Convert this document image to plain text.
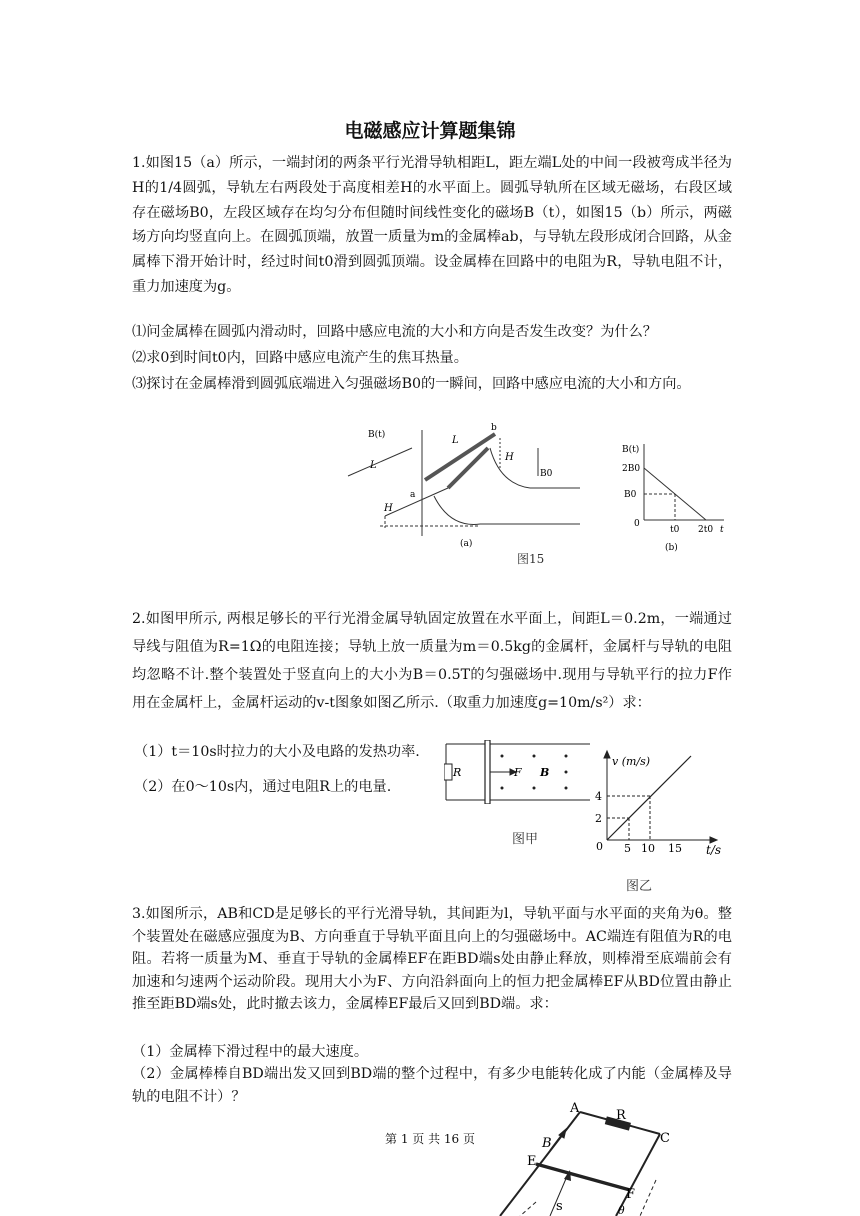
电磁感应计算题集锦
1.如图15（a）所示，一端封闭的两条平行光滑导轨相距L，距左端L处的中间一段被弯成半径为H的1/4圆弧，导轨左右两段处于高度相差H的水平面上。圆弧导轨所在区域无磁场，右段区域存在磁场B0，左段区域存在均匀分布但随时间线性变化的磁场B（t），如图15（b）所示，两磁场方向均竖直向上。在圆弧顶端，放置一质量为m的金属棒ab，与导轨左段形成闭合回路，从金属棒下滑开始计时，经过时间t0滑到圆弧顶端。设金属棒在回路中的电阻为R，导轨电阻不计，重力加速度为g。
⑴问金属棒在圆弧内滑动时，回路中感应电流的大小和方向是否发生改变？为什么？
⑵求0到时间t0内，回路中感应电流产生的焦耳热量。
⑶探讨在金属棒滑到圆弧底端进入匀强磁场B0的一瞬间，回路中感应电流的大小和方向。
B(t)	L
L
b
a
H
H
B0
(a)
B(t)
2B0
B0
0
t0 2t0 t
(b)
图15
2.如图甲所示, 两根足够长的平行光滑金属导轨固定放置在水平面上，间距L＝0.2m，一端通过导线与阻值为R=1Ω的电阻连接；导轨上放一质量为m＝0.5kg的金属杆，金属杆与导轨的电阻均忽略不计.整个装置处于竖直向上的大小为B＝0.5T的匀强磁场中.现用与导轨平行的拉力F作用在金属杆上，金属杆运动的v-t图象如图乙所示.（取重力加速度g=10m/s²）求：
（1）t＝10s时拉力的大小及电路的发热功率.
（2）在0～10s内，通过电阻R上的电量.
R	F B
图甲
v (m/s)
4
2
0 5 10 15 t/s
图乙
3.如图所示，AB和CD是足够长的平行光滑导轨，其间距为l，导轨平面与水平面的夹角为θ。整个装置处在磁感应强度为B、方向垂直于导轨平面且向上的匀强磁场中。AC端连有阻值为R的电阻。若将一质量为M、垂直于导轨的金属棒EF在距BD端s处由静止释放，则棒滑至底端前会有加速和匀速两个运动阶段。现用大小为F、方向沿斜面向上的恒力把金属棒EF从BD位置由静止推至距BD端s处，此时撤去该力，金属棒EF最后又回到BD端。求：
（1）金属棒下滑过程中的最大速度。
（2）金属棒棒自BD端出发又回到BD端的整个过程中，有多少电能转化成了内能（金属棒及导轨的电阻不计）？
A	R
C
B
E
F
s	θ
第 1 页 共 16 页
